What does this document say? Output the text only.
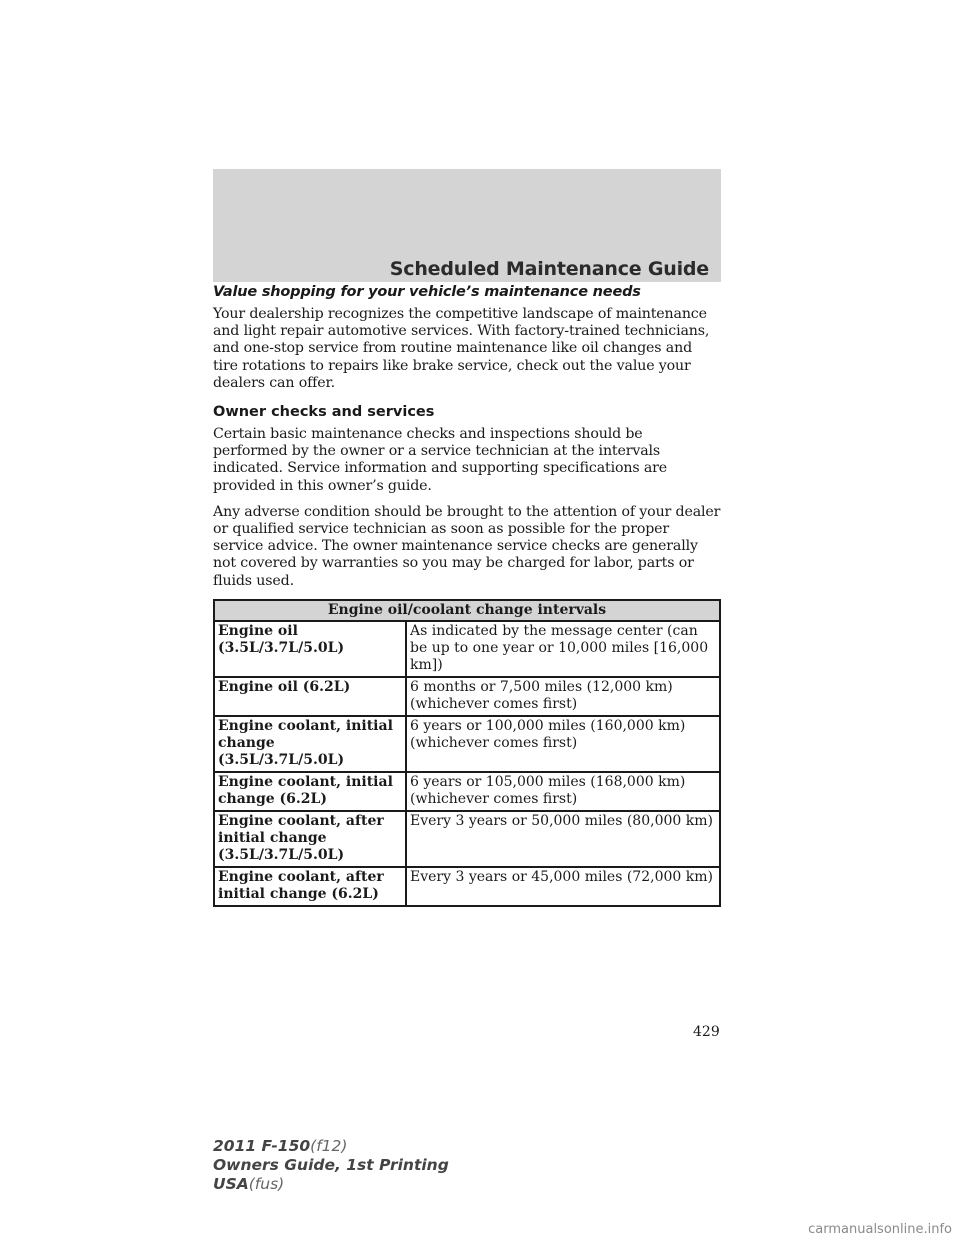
Scheduled Maintenance Guide
Value shopping for your vehicle’s maintenance needs

Your dealership recognizes the competitive landscape of maintenance and light repair automotive services. With factory-trained technicians, and one-stop service from routine maintenance like oil changes and tire rotations to repairs like brake service, check out the value your dealers can offer.

Owner checks and services

Certain basic maintenance checks and inspections should be performed by the owner or a service technician at the intervals indicated. Service information and supporting specifications are provided in this owner’s guide.

Any adverse condition should be brought to the attention of your dealer or qualified service technician as soon as possible for the proper service advice. The owner maintenance service checks are generally not covered by warranties so you may be charged for labor, parts or fluids used.

Engine oil/coolant change intervals	
Engine oil (3.5L/3.7L/5.0L)	As indicated by the message center (can be up to one year or 10,000 miles [16,000 km])
Engine oil (6.2L)	6 months or 7,500 miles (12,000 km) (whichever comes first)
Engine coolant, initial change (3.5L/3.7L/5.0L)	6 years or 100,000 miles (160,000 km) (whichever comes first)
Engine coolant, initial change (6.2L)	6 years or 105,000 miles (168,000 km) (whichever comes first)
Engine coolant, after initial change (3.5L/3.7L/5.0L)	Every 3 years or 50,000 miles (80,000 km)
Engine coolant, after initial change (6.2L)	Every 3 years or 45,000 miles (72,000 km)
429
2011 F-150(f12)
Owners Guide, 1st Printing
USA(fus)
carmanualsonline.info
